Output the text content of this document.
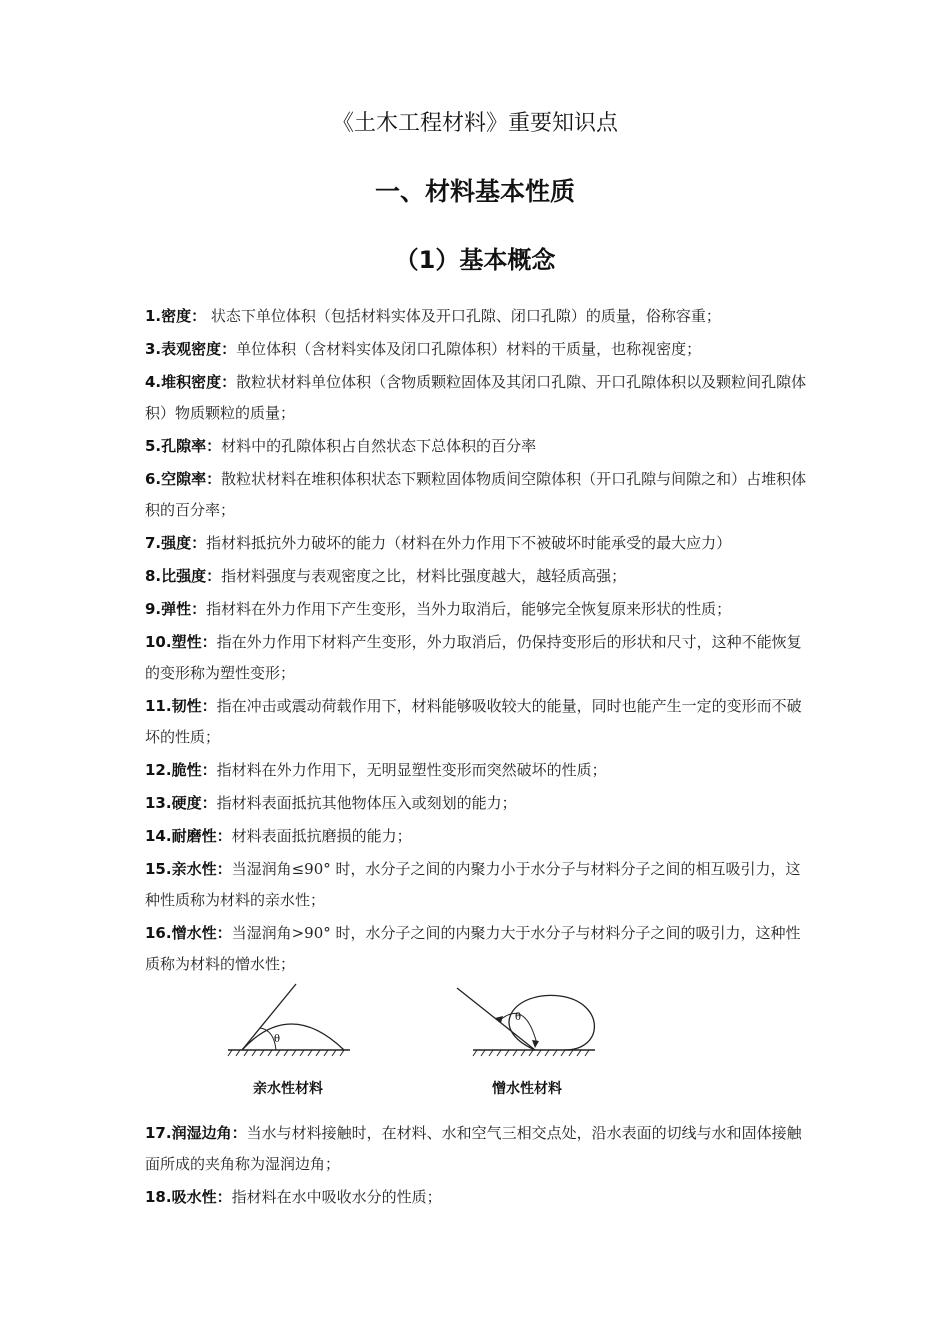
《土木工程材料》重要知识点
一、材料基本性质
（1）基本概念
1.密度： 状态下单位体积（包括材料实体及开口孔隙、闭口孔隙）的质量，俗称容重；
3.表观密度：单位体积（含材料实体及闭口孔隙体积）材料的干质量，也称视密度；
4.堆积密度：散粒状材料单位体积（含物质颗粒固体及其闭口孔隙、开口孔隙体积以及颗粒间孔隙体积）物质颗粒的质量；
5.孔隙率：材料中的孔隙体积占自然状态下总体积的百分率
6.空隙率：散粒状材料在堆积体积状态下颗粒固体物质间空隙体积（开口孔隙与间隙之和）占堆积体积的百分率；
7.强度：指材料抵抗外力破坏的能力（材料在外力作用下不被破坏时能承受的最大应力）
8.比强度：指材料强度与表观密度之比，材料比强度越大，越轻质高强；
9.弹性：指材料在外力作用下产生变形，当外力取消后，能够完全恢复原来形状的性质；
10.塑性：指在外力作用下材料产生变形，外力取消后，仍保持变形后的形状和尺寸，这种不能恢复的变形称为塑性变形；
11.韧性：指在冲击或震动荷载作用下，材料能够吸收较大的能量，同时也能产生一定的变形而不破坏的性质；
12.脆性：指材料在外力作用下，无明显塑性变形而突然破坏的性质；
13.硬度：指材料表面抵抗其他物体压入或刻划的能力；
14.耐磨性：材料表面抵抗磨损的能力；
15.亲水性：当湿润角≤90° 时，水分子之间的内聚力小于水分子与材料分子之间的相互吸引力，这种性质称为材料的亲水性；
16.憎水性：当湿润角>90° 时，水分子之间的内聚力大于水分子与材料分子之间的吸引力，这种性质称为材料的憎水性；
θ
亲水性材料
θ
憎水性材料
17.润湿边角：当水与材料接触时，在材料、水和空气三相交点处，沿水表面的切线与水和固体接触面所成的夹角称为湿润边角；
18.吸水性：指材料在水中吸收水分的性质；
